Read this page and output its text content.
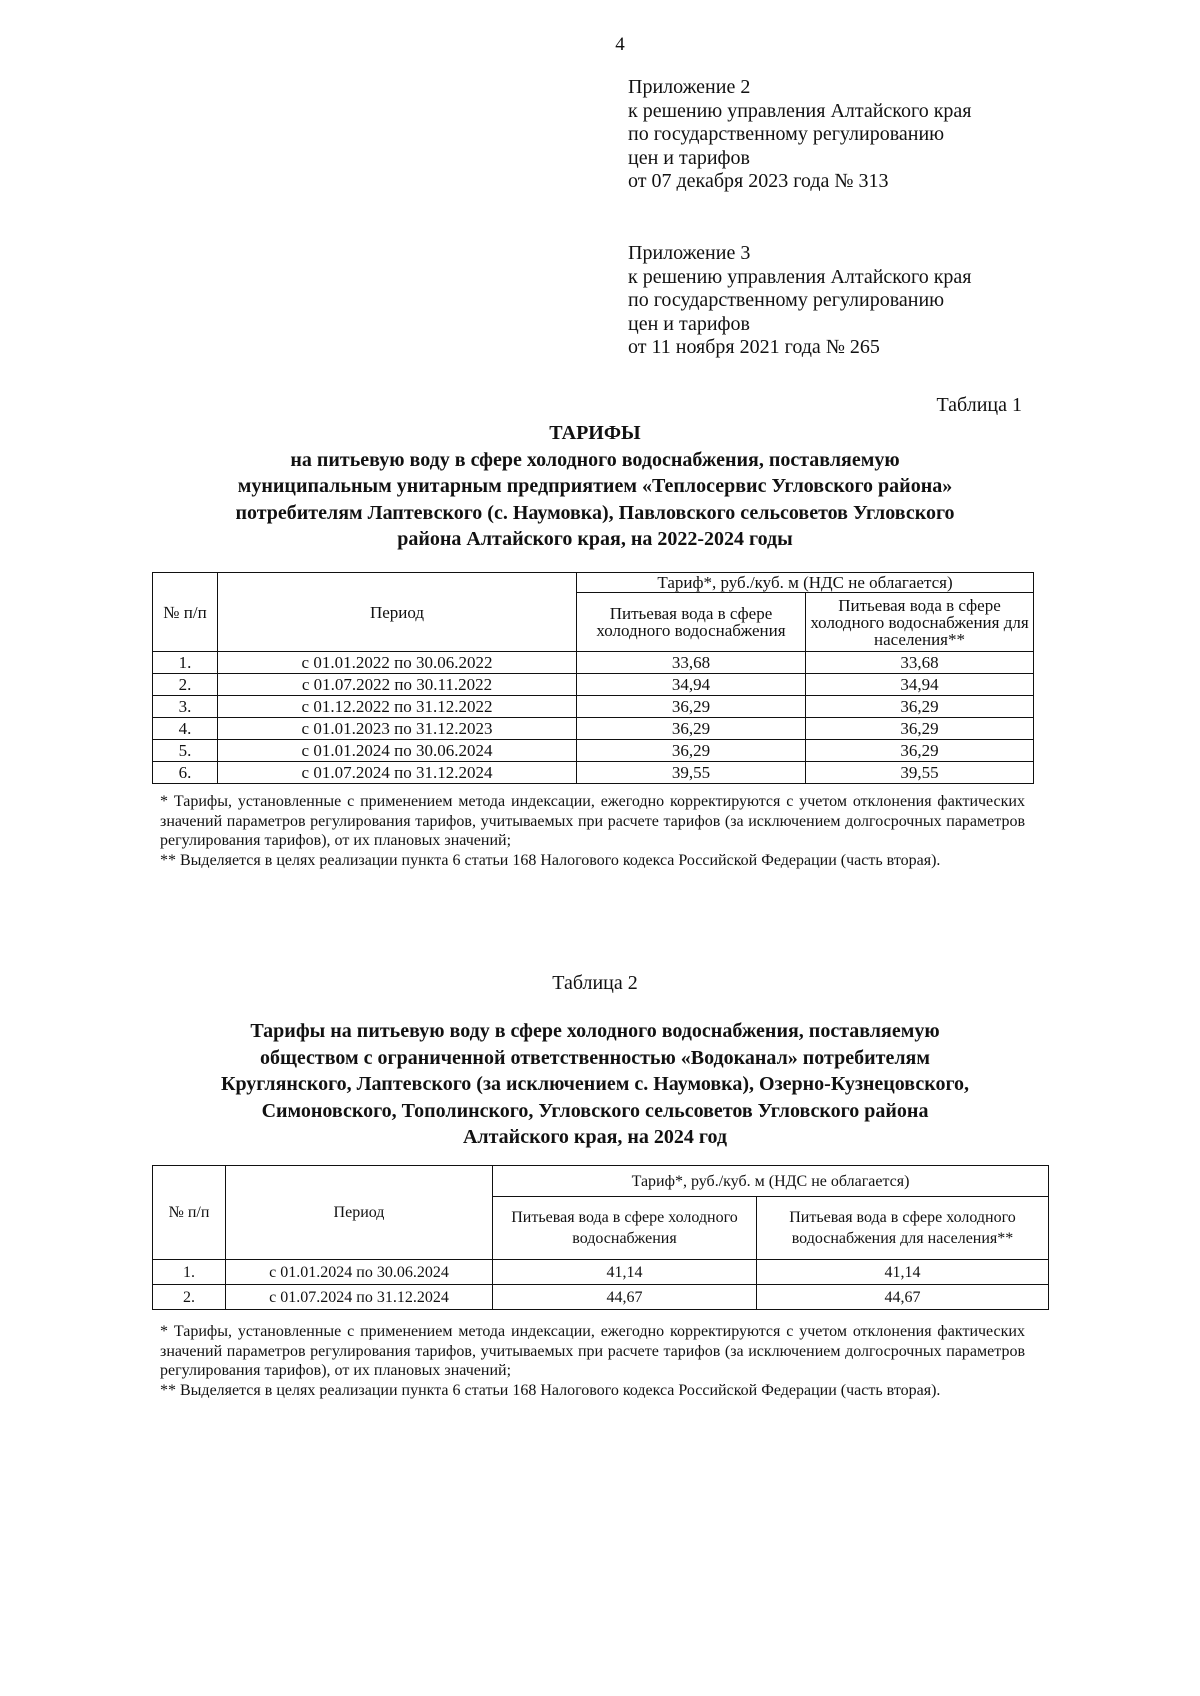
4
Приложение 2
к решению управления Алтайского края
по государственному регулированию
цен и тарифов
от 07 декабря 2023 года № 313
Приложение 3
к решению управления Алтайского края
по государственному регулированию
цен и тарифов
от 11 ноября 2021 года № 265
Таблица 1
ТАРИФЫ
на питьевую воду в сфере холодного водоснабжения, поставляемую
муниципальным унитарным предприятием «Теплосервис Угловского района»
потребителям Лаптевского (с. Наумовка), Павловского сельсоветов Угловского
района Алтайского края, на 2022-2024 годы
№ п/п	Период	Тариф*, руб./куб. м (НДС не облагается)	
		Питьевая вода в сфере холодного водоснабжения	Питьевая вода в сфере холодного водоснабжения для населения**
1.	с 01.01.2022 по 30.06.2022	33,68	33,68
2.	с 01.07.2022 по 30.11.2022	34,94	34,94
3.	с 01.12.2022 по 31.12.2022	36,29	36,29
4.	с 01.01.2023 по 31.12.2023	36,29	36,29
5.	с 01.01.2024 по 30.06.2024	36,29	36,29
6.	с 01.07.2024 по 31.12.2024	39,55	39,55

* Тарифы, установленные с применением метода индексации, ежегодно корректируются с учетом отклонения фактических значений параметров регулирования тарифов, учитываемых при расчете тарифов (за исключением долгосрочных параметров регулирования тарифов), от их плановых значений;

** Выделяется в целях реализации пункта 6 статьи 168 Налогового кодекса Российской Федерации (часть вторая).

Таблица 2
Тарифы на питьевую воду в сфере холодного водоснабжения, поставляемую
обществом с ограниченной ответственностью «Водоканал» потребителям
Круглянского, Лаптевского (за исключением с. Наумовка), Озерно-Кузнецовского,
Симоновского, Тополинского, Угловского сельсоветов Угловского района
Алтайского края, на 2024 год
№ п/п	Период	Тариф*, руб./куб. м (НДС не облагается)	
		Питьевая вода в сфере холодного водоснабжения	Питьевая вода в сфере холодного водоснабжения для населения**
1.	с 01.01.2024 по 30.06.2024	41,14	41,14
2.	с 01.07.2024 по 31.12.2024	44,67	44,67

* Тарифы, установленные с применением метода индексации, ежегодно корректируются с учетом отклонения фактических значений параметров регулирования тарифов, учитываемых при расчете тарифов (за исключением долгосрочных параметров регулирования тарифов), от их плановых значений;

** Выделяется в целях реализации пункта 6 статьи 168 Налогового кодекса Российской Федерации (часть вторая).
